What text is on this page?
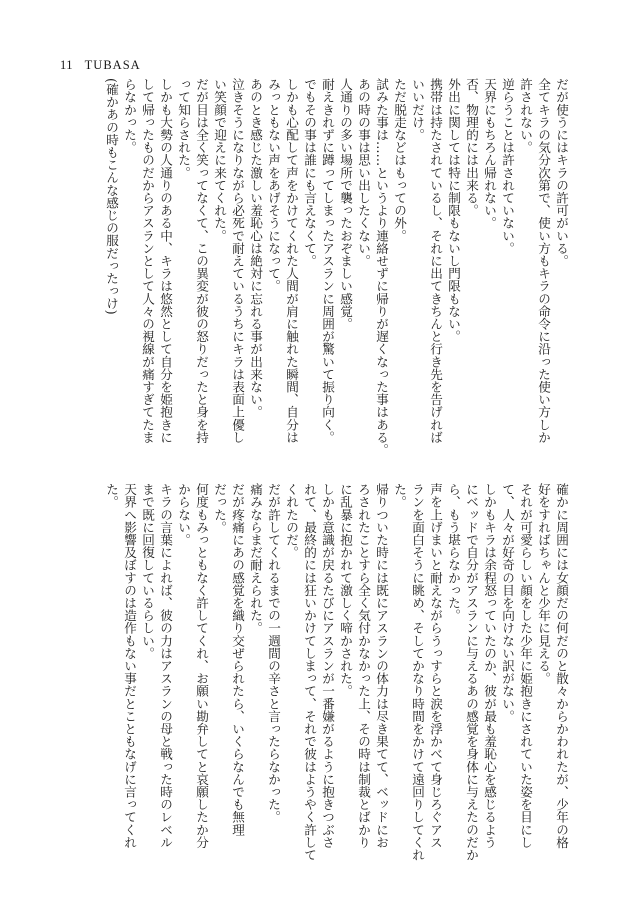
11 TUBASA
だが使うにはキラの許可がいる。
全てキラの気分次第で、使い方もキラの命令に沿った使い方しか
許されない。
逆らうことは許されていない。
天界にもちろん帰れない。
否、物理的には出来る。
外出に関しては特に制限もないし門限もない。
携帯は持たされているし、それに出てきちんと行き先を告げれば
いいだけ。
ただ脱走などはもっての外。
試みた事は……というより連絡せずに帰りが遅くなった事はある。
あの時の事は思い出したくない。
人通りの多い場所で襲ったおぞましい感覚。
耐えきれずに蹲ってしまったアスランに周囲が驚いて振り向く。
でもその事は誰にも言えなくて。
しかも心配して声をかけてくれた人間が肩に触れた瞬間、自分は
みっともない声をあげそうになって。
あのとき感じた激しい羞恥心は絶対に忘れる事が出来ない。
泣きそうになりながら必死で耐えているうちにキラは表面上優し
い笑顔で迎えに来てくれた。
だが目は全く笑ってなくて、この異変が彼の怒りだったと身を持
って知らされた。
しかも大勢の人通りのある中、キラは悠然として自分を姫抱きに
して帰ったものだからアスランとして人々の視線が痛すぎてたま
らなかった。
(確かあの時もこんな感じの服だったっけ)
確かに周囲には女顔だの何だのと散々からかわれたが、少年の格
好をすればちゃんと少年に見える。
それが可愛らしい顔をした少年に姫抱きにされていた姿を目にし
て、人々が好奇の目を向けない訳がない。
しかもキラは余程怒っていたのか、彼が最も羞恥心を感じるよう
にベッドで自分がアスランに与えるあの感覚を身体に与えたのだか
ら、もう堪らなかった。
声を上げまいと耐えながらうっすらと涙を浮かべて身じろぐアス
ランを面白そうに眺め、そしてかなり時間をかけて遠回りしてくれ
た。
帰りついた時には既にアスランの体力は尽き果てて、ベッドにお
ろされたことすら全く気付かなかった上、その時は制裁とばかり
に乱暴に抱かれて激しく啼かされた。
しかも意識が戻るたびにアスランが一番嫌がるように抱きつぶさ
れて、最終的には狂いかけてしまって、それで彼はようやく許して
くれたのだ。
だが許してくれるまでの一週間の辛さと言ったらなかった。
痛みならまだ耐えられた。
だが疼痛にあの感覚を織り交ぜられたら、いくらなんでも無理
だった。
何度もみっともなく許してくれ、お願い勘弁してと哀願したか分
からない。
キラの言葉によれば、彼の力はアスランの母と戦った時のレベル
まで既に回復しているらしい。
天界へ影響及ぼすのは造作もない事だとこともなげに言ってくれ
た。
